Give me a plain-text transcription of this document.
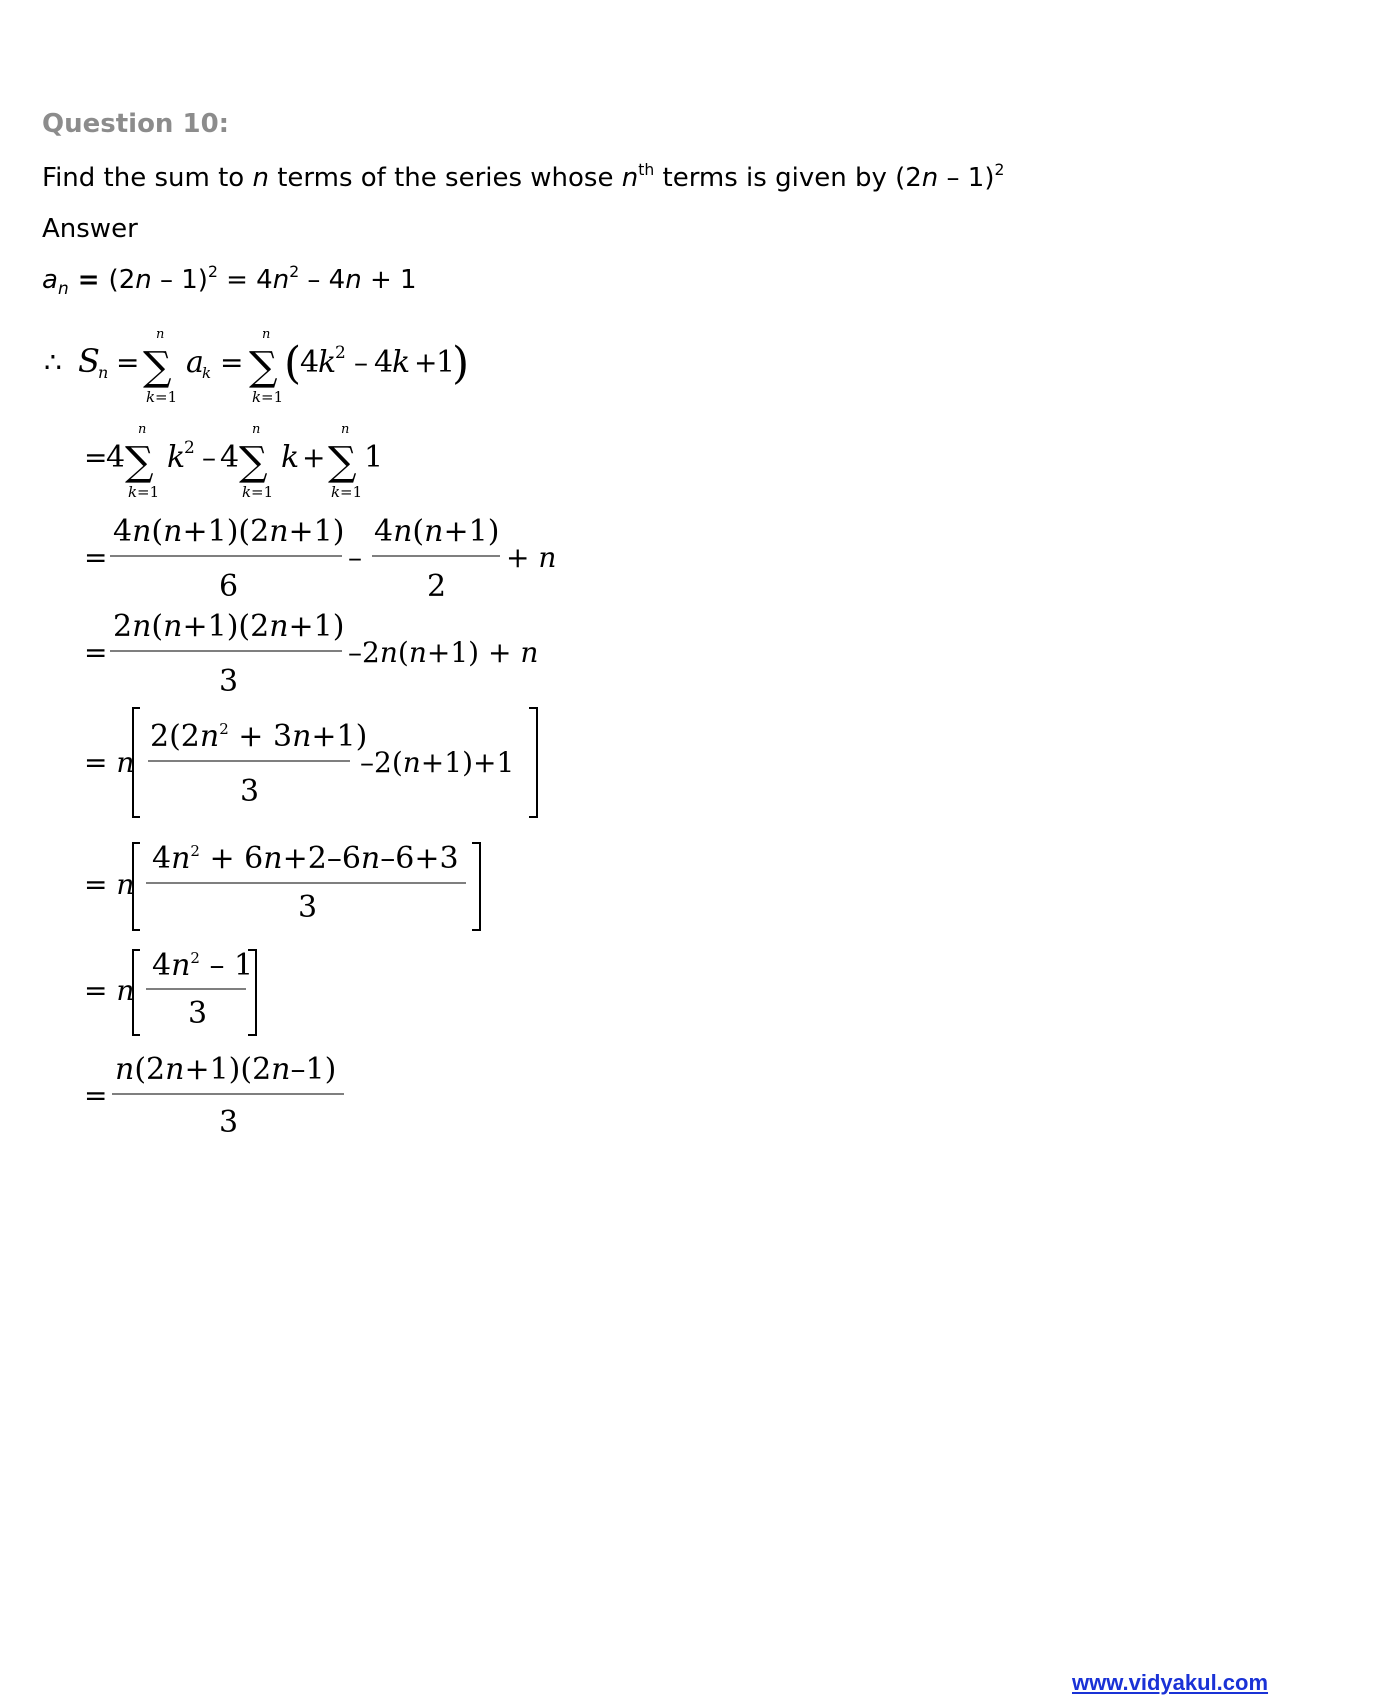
Question 10:
Find the sum to n terms of the series whose $n^{th}$ terms is given by (2n – 1)$^2$
Answer
$a_n = (2n - 1)^2 = 4n^2 - 4n + 1$
∴ S
n =
n
∑
k =1
a
k =
n
∑
k =1
(
4
k
2 – 4
k +
1
)
=
4
n
∑
k =1
k
2 – 4
n
∑
k =1
k +
n
∑
k =1
1
=
4n(n+1)(2n+1)
6
–
4n(n+1)
2
+ n
=
2n(n+1)(2n+1)
3
–2n(n+1) + n
= n
$2(2n^2 + 3n+1)$
3
–2(n+1)+1
= n
$4n^2 + 6n+2-6n-6+3$
3
= n
$4n^2 - 1$
3
=
n(2n+1)(2n–1)
3
www.vidyakul.com
